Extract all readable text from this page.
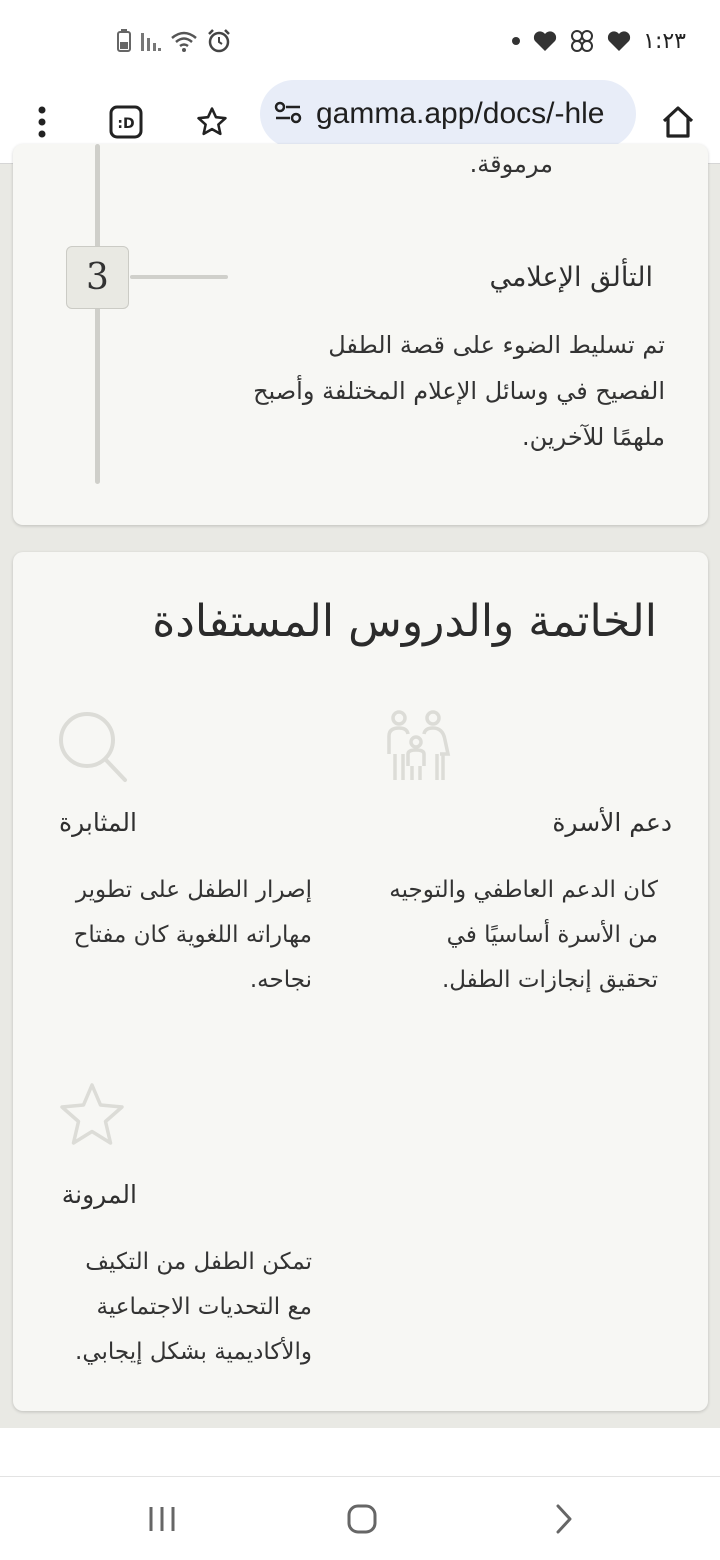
١:٢٣
:D	gamma.app/docs/-hle
مرموقة.
3	التألق الإعلامي
تم تسليط الضوء على قصة الطفل الفصيح في وسائل الإعلام المختلفة وأصبح ملهمًا للآخرين.
الخاتمة والدروس المستفادة
المثابرة
إصرار الطفل على تطوير مهاراته اللغوية كان مفتاح نجاحه.
دعم الأسرة
كان الدعم العاطفي والتوجيه من الأسرة أساسيًا في تحقيق إنجازات الطفل.
المرونة
تمكن الطفل من التكيف مع التحديات الاجتماعية والأكاديمية بشكل إيجابي.
